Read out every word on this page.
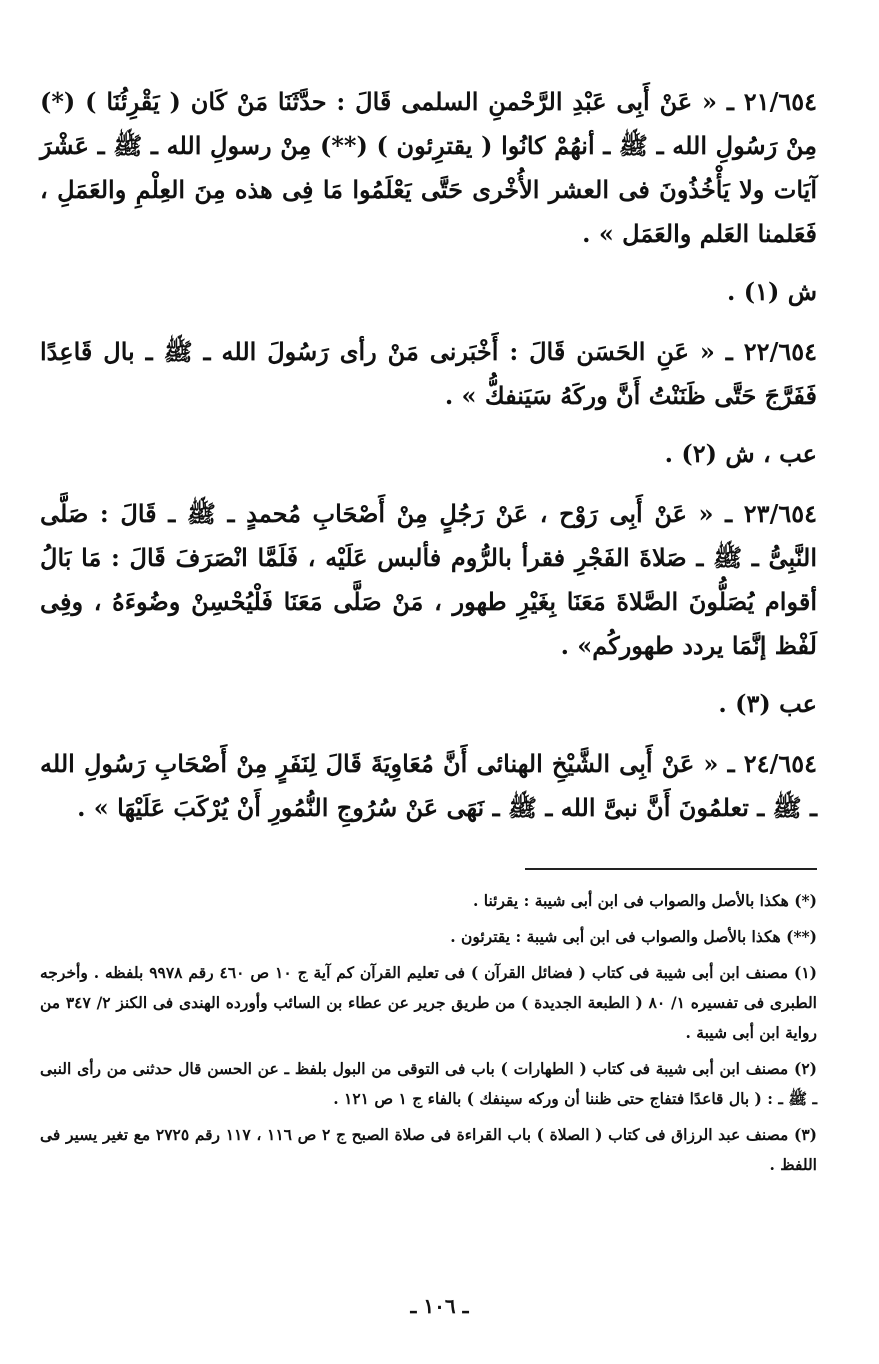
٢١/٦٥٤ ـ « عَنْ أَبِى عَبْدِ الرَّحْمنِ السلمى قَالَ : حدَّثَنَا مَنْ كَان ( يَقْرِئُنَا ) (*) مِنْ رَسُولِ الله ـ ﷺ ـ أنهُمْ كانُوا ( يقترِئون ) (**) مِنْ رسولِ الله ـ ﷺ ـ عَشْرَ آيَات ولا يَأْخُذُونَ فى العشر الأُخْرى حَتَّى يَعْلَمُوا مَا فِى هذه مِنَ العِلْمِ والعَمَلِ ، فَعَلمنا العَلم والعَمَل » .

ش (١) .

٢٢/٦٥٤ ـ « عَنِ الحَسَن قَالَ : أَخْبَرنى مَنْ رأى رَسُولَ الله ـ ﷺ ـ بال قَاعِدًا فَفَرَّجَ حَتَّى ظَنَنْتُ أَنَّ وركَهُ سَيَنفكُّ » .

عب ، ش (٢) .

٢٣/٦٥٤ ـ « عَنْ أَبِى رَوْح ، عَنْ رَجُلٍ مِنْ أَصْحَابِ مُحمدٍ ـ ﷺ ـ قَالَ : صَلَّى النَّبِىُّ ـ ﷺ ـ صَلاةَ الفَجْرِ فقرأ بالرُّوم فألبس عَلَيْه ، فَلَمَّا انْصَرَفَ قَالَ : مَا بَالُ أقوام يُصَلُّونَ الصَّلاةَ مَعَنَا بِغَيْرِ طهور ، مَنْ صَلَّى مَعَنَا فَلْيُحْسِنْ وضُوءَهُ ، وفِى لَفْظ إنَّمَا يردد طهوركُم» .

عب (٣) .

٢٤/٦٥٤ ـ « عَنْ أَبِى الشَّيْخِ الهنائى أَنَّ مُعَاوِيَةَ قَالَ لِنَفَرٍ مِنْ أَصْحَابِ رَسُولِ الله ـ ﷺ ـ تعلمُونَ أَنَّ نبىَّ الله ـ ﷺ ـ نَهَى عَنْ سُرُوجِ النُّمُورِ أَنْ يُرْكَبَ عَلَيْهَا » .

(*) هكذا بالأصل والصواب فى ابن أبى شيبة : يقرئنا .

(**) هكذا بالأصل والصواب فى ابن أبى شيبة : يقترئون .

(١) مصنف ابن أبى شيبة فى كتاب ( فضائل القرآن ) فى تعليم القرآن كم آية ج ١٠ ص ٤٦٠ رقم ٩٩٧٨ بلفظه . وأخرجه الطبرى فى تفسيره ١/ ٨٠ ( الطبعة الجديدة ) من طريق جرير عن عطاء بن السائب وأورده الهندى فى الكنز ٢/ ٣٤٧ من رواية ابن أبى شيبة .

(٢) مصنف ابن أبى شيبة فى كتاب ( الطهارات ) باب فى التوقى من البول بلفظ ـ عن الحسن قال حدثنى من رأى النبى ـ ﷺ ـ : ( بال قاعدًا فتفاج حتى ظننا أن وركه سينفك ) بالفاء ج ١ ص ١٢١ .

(٣) مصنف عبد الرزاق فى كتاب ( الصلاة ) باب القراءة فى صلاة الصبح ج ٢ ص ١١٦ ، ١١٧ رقم ٢٧٢٥ مع تغير يسير فى اللفظ .

ـ ١٠٦ ـ
